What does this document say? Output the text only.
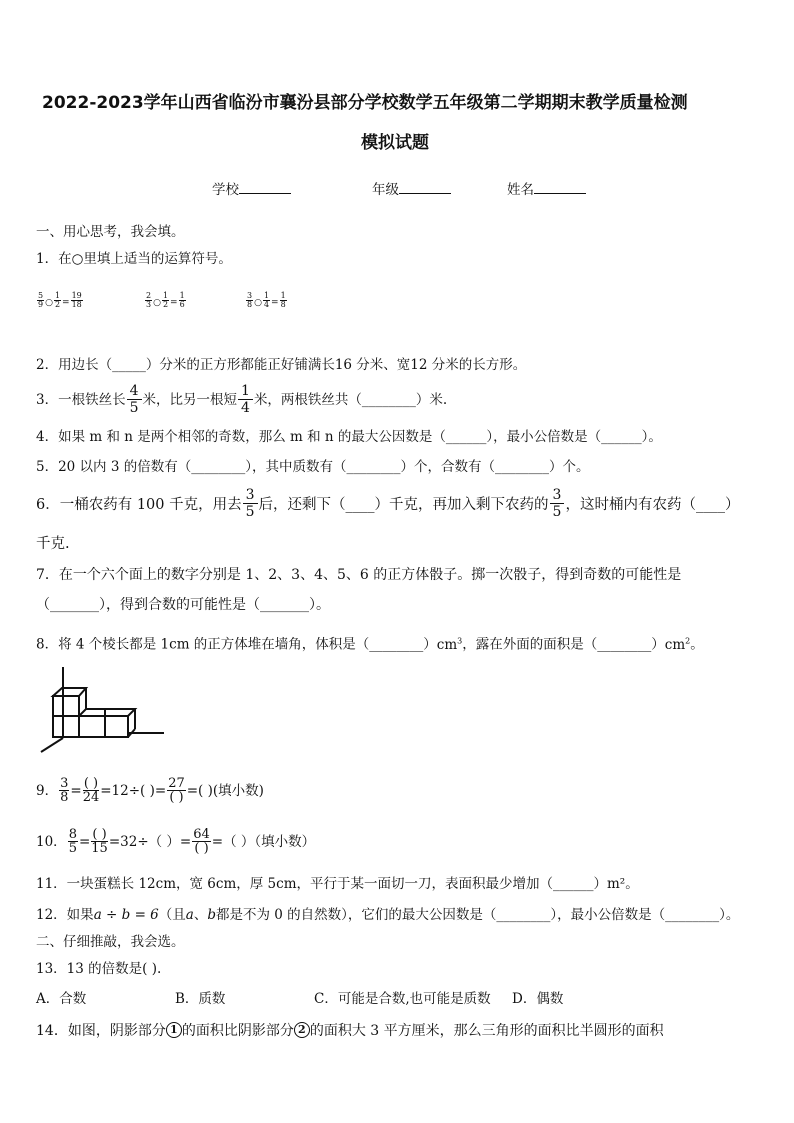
2022-2023学年山西省临汾市襄汾县部分学校数学五年级第二学期期末教学质量检测
模拟试题
学校	年级	姓名
一、用心思考，我会填。
1．在○里填上适当的运算符号。
$\frac{5}{9}$ ○ $\frac{1}{2} = \frac{19}{18}$	$\frac{2}{3}$ ○ $\frac{1}{2} = \frac{1}{6}$	$\frac{3}{8}$ ○ $\frac{1}{4} = \frac{1}{8}$
2．用边长（_____）分米的正方形都能正好铺满长16 分米、宽12 分米的长方形。
3．一根铁丝长 $\frac{4}{5}$ 米，比另一根短 $\frac{1}{4}$ 米，两根铁丝共（________）米.
4．如果 m 和 n 是两个相邻的奇数，那么 m 和 n 的最大公因数是（______），最小公倍数是（______）。
5．20 以内 3 的倍数有（________），其中质数有（________）个，合数有（________）个。
6．一桶农药有 100 千克，用去 $\frac{3}{5}$ 后，还剩下（____）千克，再加入剩下农药的 $\frac{3}{5}$ ，这时桶内有农药（____）
千克.
7．在一个六个面上的数字分别是 1、2、3、4、5、6 的正方体骰子。掷一次骰子，得到奇数的可能性是
（_______），得到合数的可能性是（_______）。
8．将 4 个棱长都是 1cm 的正方体堆在墙角，体积是$(\_\_\_\_\_\_\_\_)cm^3$，露在外面的面积是$(\_\_\_\_\_\_\_\_)cm^2$。
9． $\frac{3}{8} = \frac{( )}{24} =12\div$( )= $\frac{27}{( )}$ =( )(填小数)
10． $\frac{8}{5} = \frac{( )}{15} =32\div$（ ）= $\frac{64}{( )}$ =（ ）（填小数）
11．一块蛋糕长 12cm，宽 6cm，厚 5cm，平行于某一面切一刀，表面积最少增加（______）m²。
12．如果a ÷ b = 6（且a、b都是不为 0 的自然数），它们的最大公因数是（________），最小公倍数是（________）。
二、仔细推敲，我会选。
13．13 的倍数是( ).
A．合数	B．质数	C．可能是合数,也可能是质数 D．偶数
14．如图，阴影部分 1 的面积比阴影部分 2 的面积大 3 平方厘米，那么三角形的面积比半圆形的面积
